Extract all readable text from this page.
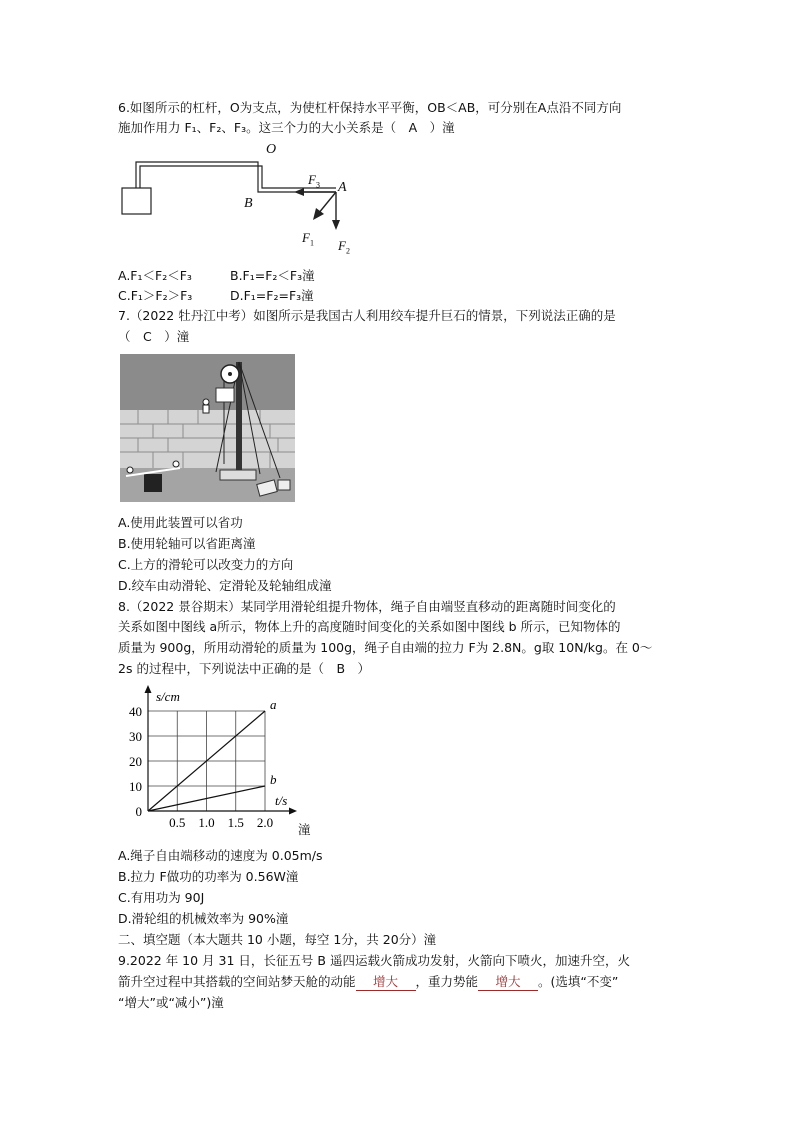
6.如图所示的杠杆，O为支点，为使杠杆保持水平平衡，OB＜AB，可分别在A点沿不同方向
施加作用力 F₁、F₂、F₃。这三个力的大小关系是（　A　）潼
O
A
B
$F_3$
$F_1$ $F_2$
A.F₁＜F₂＜F₃	B.F₁=F₂＜F₃潼
C.F₁＞F₂＞F₃	D.F₁=F₂=F₃潼
7.（2022 牡丹江中考）如图所示是我国古人利用绞车提升巨石的情景，下列说法正确的是
（　C　）潼
A.使用此装置可以省功
B.使用轮轴可以省距离潼
C.上方的滑轮可以改变力的方向
D.绞车由动滑轮、定滑轮及轮轴组成潼
8.（2022 景谷期末）某同学用滑轮组提升物体，绳子自由端竖直移动的距离随时间变化的
关系如图中图线 a所示，物体上升的高度随时间变化的关系如图中图线 b 所示，已知物体的
质量为 900g，所用动滑轮的质量为 100g，绳子自由端的拉力 F为 2.8N。g取 10N/kg。在 0～
2s 的过程中，下列说法中正确的是（　B　）
0.5 1.0 1.5 2.0
0
10
20
30
40
s/cm
t/s
a
b
潼
A.绳子自由端移动的速度为 0.05m/s
B.拉力 F做功的功率为 0.56W潼
C.有用功为 90J
D.滑轮组的机械效率为 90%潼
二、填空题（本大题共 10 小题，每空 1分，共 20分）潼
9.2022 年 10 月 31 日，长征五号 B 遥四运载火箭成功发射，火箭向下喷火，加速升空，火
箭升空过程中其搭载的空间站梦天舱的动能 增大 ，重力势能 增大 。(选填“不变”
“增大”或“减小”)潼
